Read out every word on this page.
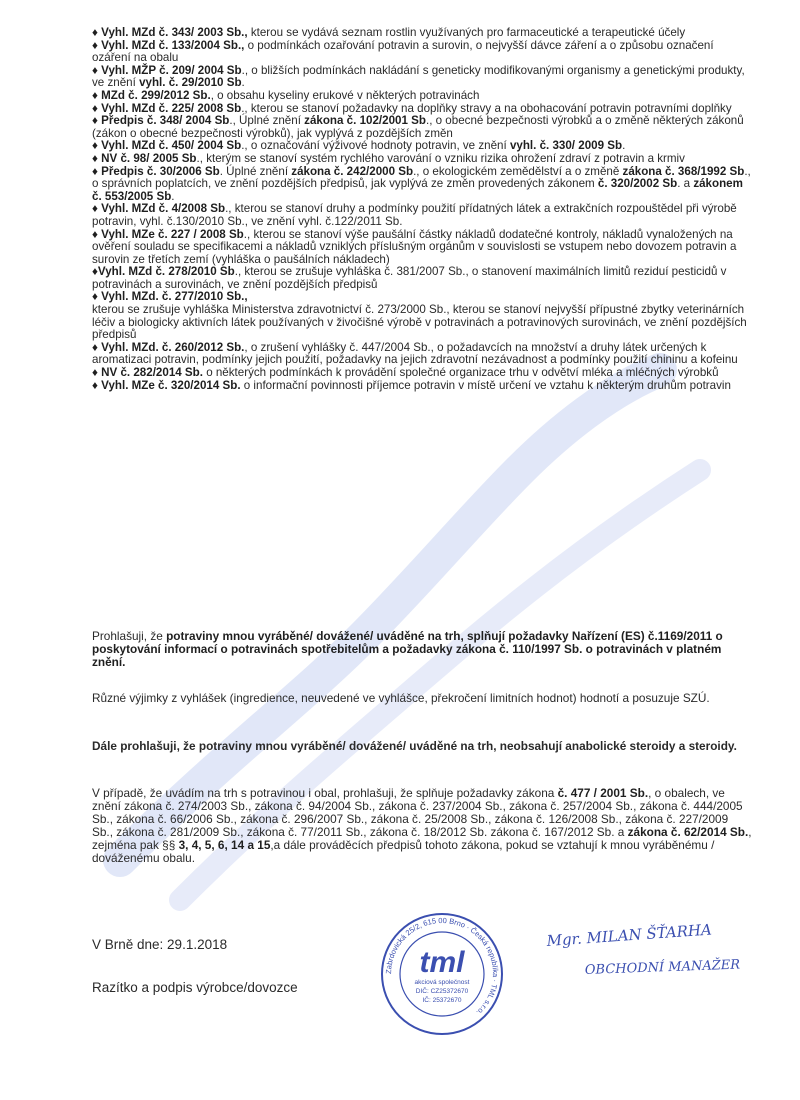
♦ Vyhl. MZd č. 343/ 2003 Sb., kterou se vydává seznam rostlin využívaných pro farmaceutické a terapeutické účely

♦ Vyhl. MZd č. 133/2004 Sb., o podmínkách ozařování potravin a surovin, o nejvyšší dávce záření a o způsobu označení ozáření na obalu

♦ Vyhl. MŽP č. 209/ 2004 Sb., o bližších podmínkách nakládání s geneticky modifikovanými organismy a genetickými produkty, ve znění vyhl. č. 29/2010 Sb.

♦ MZd č. 299/2012 Sb., o obsahu kyseliny erukové v některých potravinách

♦ Vyhl. MZd č. 225/ 2008 Sb., kterou se stanoví požadavky na doplňky stravy a na obohacování potravin potravními doplňky

♦ Předpis č. 348/ 2004 Sb., Úplné znění zákona č. 102/2001 Sb., o obecné bezpečnosti výrobků a o změně některých zákonů (zákon o obecné bezpečnosti výrobků), jak vyplývá z pozdějších změn

♦ Vyhl. MZd č. 450/ 2004 Sb., o označování výživové hodnoty potravin, ve znění vyhl. č. 330/ 2009 Sb.

♦ NV č. 98/ 2005 Sb., kterým se stanoví systém rychlého varování o vzniku rizika ohrožení zdraví z potravin a krmiv

♦ Předpis č. 30/2006 Sb. Úplné znění zákona č. 242/2000 Sb., o ekologickém zemědělství a o změně zákona č. 368/1992 Sb., o správních poplatcích, ve znění pozdějších předpisů, jak vyplývá ze změn provedených zákonem č. 320/2002 Sb. a zákonem č. 553/2005 Sb.

♦ Vyhl. MZd č. 4/2008 Sb., kterou se stanoví druhy a podmínky použití přídatných látek a extrakčních rozpouštědel při výrobě potravin, vyhl. č.130/2010 Sb., ve znění vyhl. č.122/2011 Sb.

♦ Vyhl. MZe č. 227 / 2008 Sb., kterou se stanoví výše paušální částky nákladů dodatečné kontroly, nákladů vynaložených na ověření souladu se specifikacemi a nákladů vzniklých příslušným orgánům v souvislosti se vstupem nebo dovozem potravin a surovin ze třetích zemí (vyhláška o paušálních nákladech)

♦Vyhl. MZd č. 278/2010 Sb., kterou se zrušuje vyhláška č. 381/2007 Sb., o stanovení maximálních limitů reziduí pesticidů v potravinách a surovinách, ve znění pozdějších předpisů

♦ Vyhl. MZd. č. 277/2010 Sb.,

kterou se zrušuje vyhláška Ministerstva zdravotnictví č. 273/2000 Sb., kterou se stanoví nejvyšší přípustné zbytky veterinárních léčiv a biologicky aktivních látek používaných v živočišné výrobě v potravinách a potravinových surovinách, ve znění pozdějších předpisů

♦ Vyhl. MZd. č. 260/2012 Sb., o zrušení vyhlášky č. 447/2004 Sb., o požadavcích na množství a druhy látek určených k aromatizaci potravin, podmínky jejich použití, požadavky na jejich zdravotní nezávadnost a podmínky použití chininu a kofeinu

♦ NV č. 282/2014 Sb. o některých podmínkách k provádění společné organizace trhu v odvětví mléka a mléčných výrobků

♦ Vyhl. MZe č. 320/2014 Sb. o informační povinnosti příjemce potravin v místě určení ve vztahu k některým druhům potravin

Prohlašuji, že potraviny mnou vyráběné/ dovážené/ uváděné na trh, splňují požadavky Nařízení (ES) č.1169/2011 o poskytování informací o potravinách spotřebitelům a požadavky zákona č. 110/1997 Sb. o potravinách v platném znění.

Různé výjimky z vyhlášek (ingredience, neuvedené ve vyhlášce, překročení limitních hodnot) hodnotí a posuzuje SZÚ.

Dále prohlašuji, že potraviny mnou vyráběné/ dovážené/ uváděné na trh, neobsahují anabolické steroidy a steroidy.

V případě, že uvádím na trh s potravinou i obal, prohlašuji, že splňuje požadavky zákona č. 477 / 2001 Sb., o obalech, ve znění zákona č. 274/2003 Sb., zákona č. 94/2004 Sb., zákona č. 237/2004 Sb., zákona č. 257/2004 Sb., zákona č. 444/2005 Sb., zákona č. 66/2006 Sb., zákona č. 296/2007 Sb., zákona č. 25/2008 Sb., zákona č. 126/2008 Sb., zákona č. 227/2009 Sb., zákona č. 281/2009 Sb., zákona č. 77/2011 Sb., zákona č. 18/2012 Sb. zákona č. 167/2012 Sb. a zákona č. 62/2014 Sb., zejména pak §§ 3, 4, 5, 6, 14 a 15,a dále prováděcích předpisů tohoto zákona, pokud se vztahují k mnou vyráběnému / dováženému obalu.

V Brně dne: 29.1.2018

Razítko a podpis výrobce/dovozce

Zabrdovická 25/2, 615 00 Brno · Česká republika · TML s.r.o.
tml
akciová společnost
DIČ: CZ25372670
IČ: 25372670
Mgr. MILAN ŠŤARHA
OBCHODNÍ MANAŽER
